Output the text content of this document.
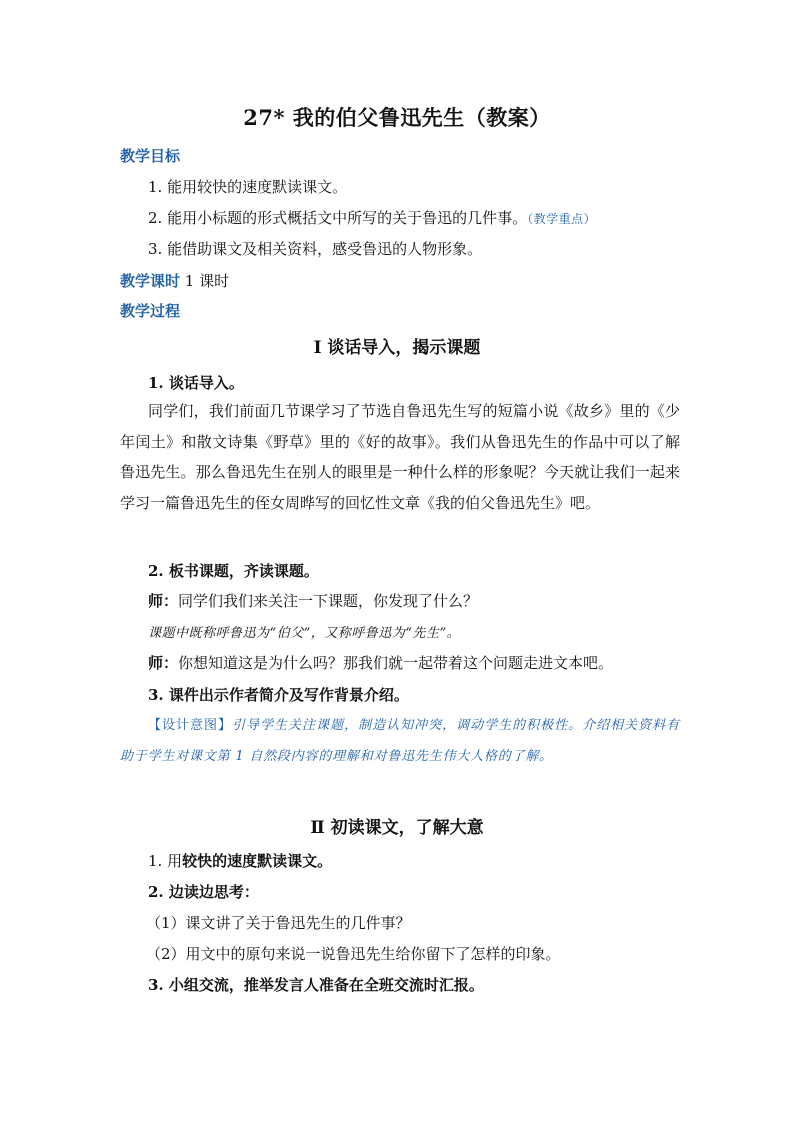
27* 我的伯父鲁迅先生（教案）
教学目标
1. 能用较快的速度默读课文。
2. 能用小标题的形式概括文中所写的关于鲁迅的几件事。（教学重点）
3. 能借助课文及相关资料，感受鲁迅的人物形象。
教学课时 1 课时
教学过程
Ⅰ 谈话导入，揭示课题
1. 谈话导入。
同学们，我们前面几节课学习了节选自鲁迅先生写的短篇小说《故乡》里的《少年闰土》和散文诗集《野草》里的《好的故事》。我们从鲁迅先生的作品中可以了解鲁迅先生。那么鲁迅先生在别人的眼里是一种什么样的形象呢？今天就让我们一起来学习一篇鲁迅先生的侄女周晔写的回忆性文章《我的伯父鲁迅先生》吧。
2. 板书课题，齐读课题。
师：同学们我们来关注一下课题，你发现了什么？
课题中既称呼鲁迅为“伯父”，又称呼鲁迅为“先生”。
师：你想知道这是为什么吗？那我们就一起带着这个问题走进文本吧。
3. 课件出示作者简介及写作背景介绍。
【设计意图】引导学生关注课题，制造认知冲突，调动学生的积极性。介绍相关资料有助于学生对课文第 1 自然段内容的理解和对鲁迅先生伟大人格的了解。
Ⅱ 初读课文，了解大意
1. 用较快的速度默读课文。
2. 边读边思考：
（1）课文讲了关于鲁迅先生的几件事？
（2）用文中的原句来说一说鲁迅先生给你留下了怎样的印象。
3. 小组交流，推举发言人准备在全班交流时汇报。
